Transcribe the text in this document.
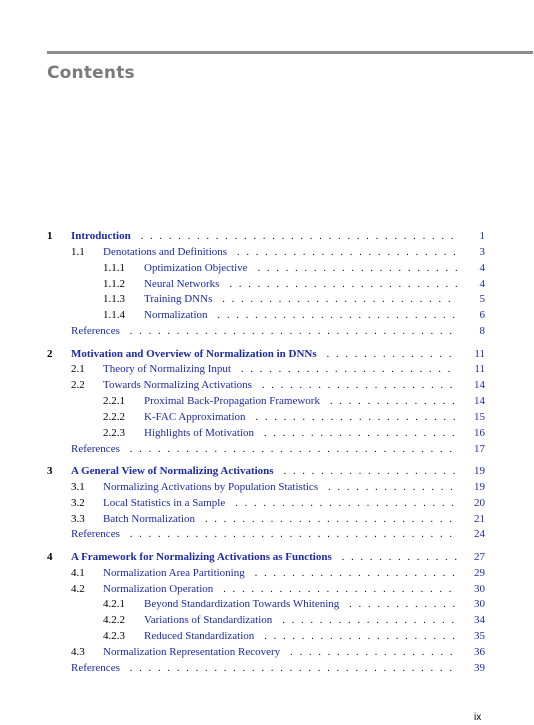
Contents
1	Introduction . . .	1
1.1	Denotations and Definitions . . .	3
1.1.1	Optimization Objective . . .	4
1.1.2	Neural Networks . . .	4
1.1.3	Training DNNs . . .	5
1.1.4	Normalization . . .	6
References . . .	8
2	Motivation and Overview of Normalization in DNNs . . .	11
2.1	Theory of Normalizing Input . . .	11
2.2	Towards Normalizing Activations . . .	14
2.2.1	Proximal Back-Propagation Framework . . .	14
2.2.2	K-FAC Approximation . . .	15
2.2.3	Highlights of Motivation . . .	16
References . . .	17
3	A General View of Normalizing Activations . . .	19
3.1	Normalizing Activations by Population Statistics . . .	19
3.2	Local Statistics in a Sample . . .	20
3.3	Batch Normalization . . .	21
References . . .	24
4	A Framework for Normalizing Activations as Functions . . .	27
4.1	Normalization Area Partitioning . . .	29
4.2	Normalization Operation . . .	30
4.2.1	Beyond Standardization Towards Whitening . . .	30
4.2.2	Variations of Standardization . . .	34
4.2.3	Reduced Standardization . . .	35
4.3	Normalization Representation Recovery . . .	36
References . . .	39
ix
